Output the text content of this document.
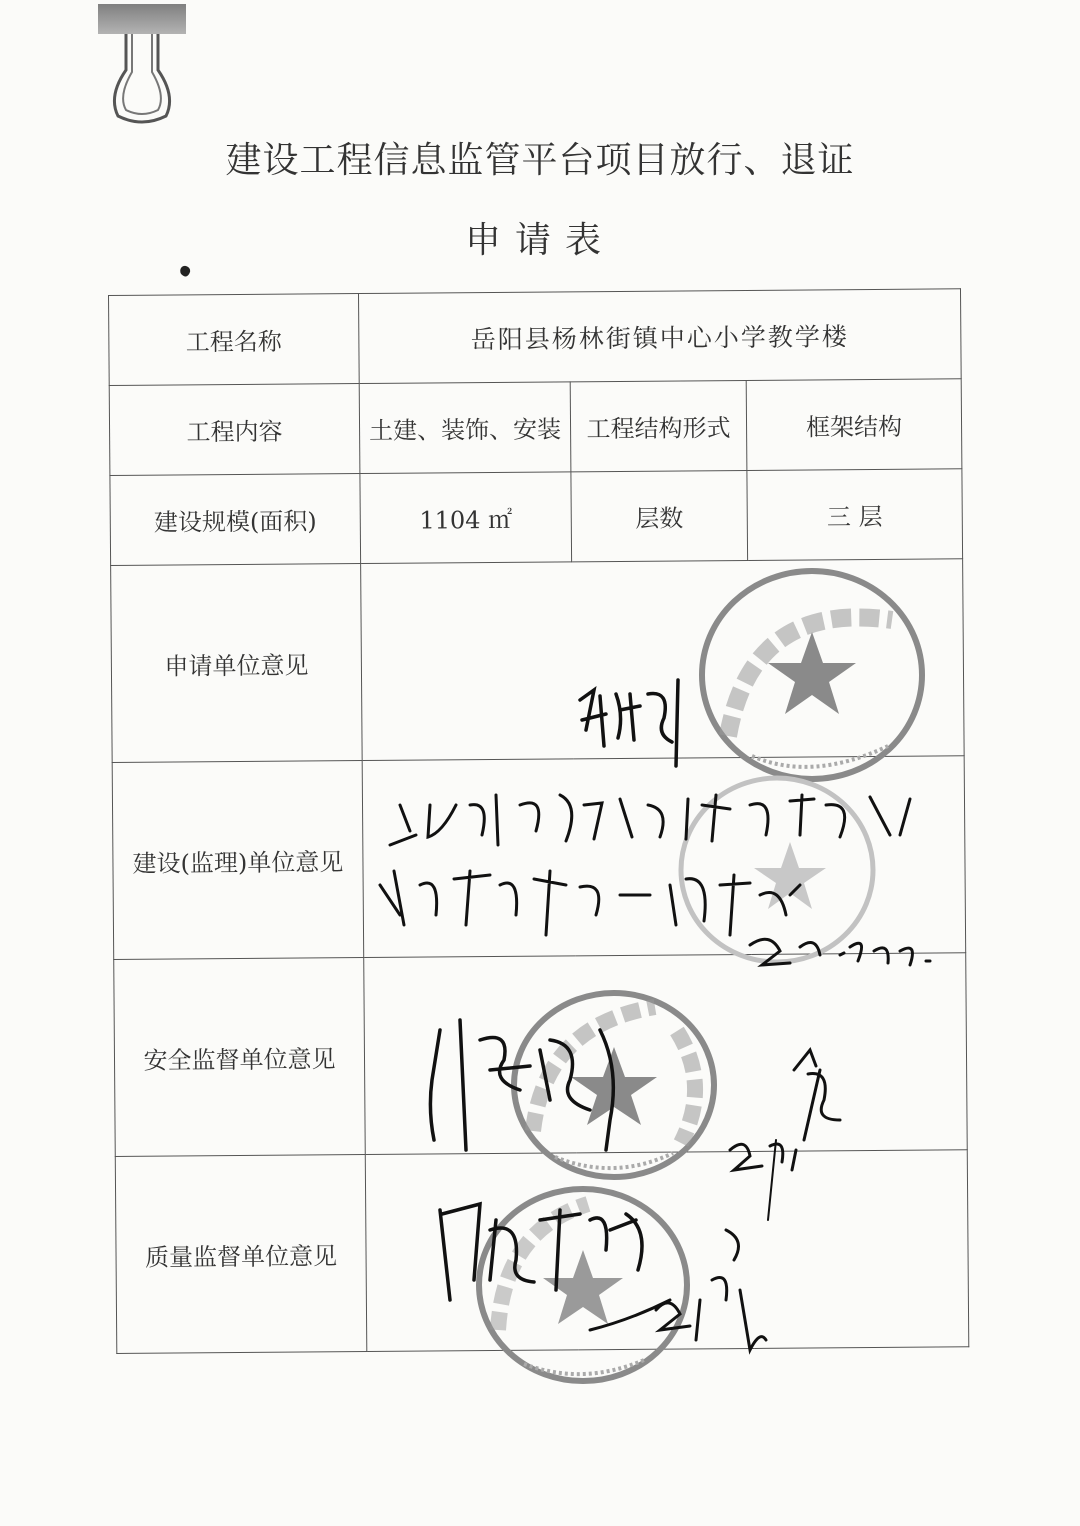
建设工程信息监管平台项目放行、退证
申请表
工程名称	岳阳县杨林街镇中心小学教学楼		
工程内容	土建、装饰、安装	工程结构形式	框架结构
建设规模(面积)	1104 ㎡	层数	三 层
申请单位意见			
建设(监理)单位意见			
安全监督单位意见			
质量监督单位意见			
